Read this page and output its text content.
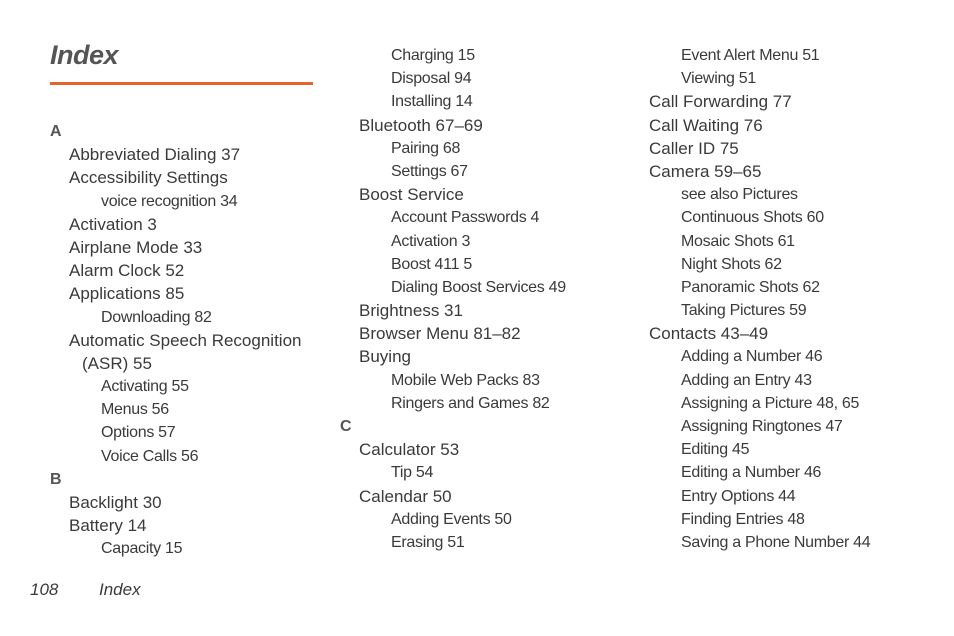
Index
A
Abbreviated Dialing 37
Accessibility Settings
voice recognition 34
Activation 3
Airplane Mode 33
Alarm Clock 52
Applications 85
Downloading 82
Automatic Speech Recognition
(ASR) 55
Activating 55
Menus 56
Options 57
Voice Calls 56
B
Backlight 30
Battery 14
Capacity 15
Charging 15
Disposal 94
Installing 14
Bluetooth 67–69
Pairing 68
Settings 67
Boost Service
Account Passwords 4
Activation 3
Boost 411 5
Dialing Boost Services 49
Brightness 31
Browser Menu 81–82
Buying
Mobile Web Packs 83
Ringers and Games 82
C
Calculator 53
Tip 54
Calendar 50
Adding Events 50
Erasing 51
Event Alert Menu 51
Viewing 51
Call Forwarding 77
Call Waiting 76
Caller ID 75
Camera 59–65
see also Pictures
Continuous Shots 60
Mosaic Shots 61
Night Shots 62
Panoramic Shots 62
Taking Pictures 59
Contacts 43–49
Adding a Number 46
Adding an Entry 43
Assigning a Picture 48, 65
Assigning Ringtones 47
Editing 45
Editing a Number 46
Entry Options 44
Finding Entries 48
Saving a Phone Number 44
108 Index
